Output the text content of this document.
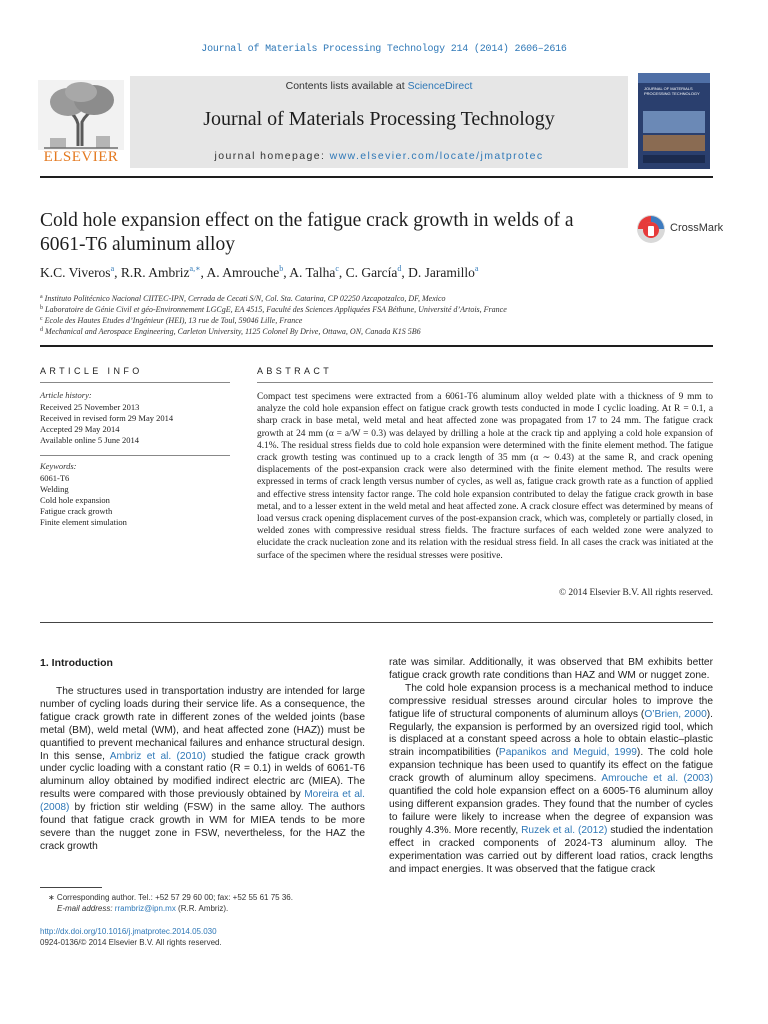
Journal of Materials Processing Technology 214 (2014) 2606–2616
ELSEVIER
Contents lists available at ScienceDirect
Journal of Materials Processing Technology
journal homepage: www.elsevier.com/locate/jmatprotec
JOURNAL OF MATERIALS PROCESSING TECHNOLOGY
Cold hole expansion effect on the fatigue crack growth in welds of a 6061-T6 aluminum alloy
CrossMark
K.C. Viveros$^a$, R.R. Ambriz$^{a,∗}$, A. Amrouche$^b$, A. Talha$^c$, C. García$^d$, D. Jaramillo$^a$
$^a$ Instituto Politécnico Nacional CIITEC-IPN, Cerrada de Cecati S/N, Col. Sta. Catarina, CP 02250 Azcapotzalco, DF, Mexico
$^b$ Laboratoire de Génie Civil et géo-Environnement LGCgE, EA 4515, Faculté des Sciences Appliquées FSA Béthune, Université d’Artois, France
$^c$ Ecole des Hautes Etudes d’Ingénieur (HEI), 13 rue de Toul, 59046 Lille, France
$^d$ Mechanical and Aerospace Engineering, Carleton University, 1125 Colonel By Drive, Ottawa, ON, Canada K1S 5B6
ARTICLE INFO
Article history:
Received 25 November 2013
Received in revised form 29 May 2014
Accepted 29 May 2014
Available online 5 June 2014
Keywords:
6061-T6
Welding
Cold hole expansion
Fatigue crack growth
Finite element simulation
ABSTRACT
Compact test specimens were extracted from a 6061-T6 aluminum alloy welded plate with a thickness of 9 mm to analyze the cold hole expansion effect on fatigue crack growth tests conducted in mode I cyclic loading. At R = 0.1, a sharp crack in base metal, weld metal and heat affected zone was propagated from 17 to 24 mm. The fatigue crack growth at 24 mm (α = a/W = 0.3) was delayed by drilling a hole at the crack tip and applying a cold hole expansion of 4.1%. The residual stress fields due to cold hole expansion were determined with the finite element method. The fatigue crack growth testing was continued up to a crack length of 35 mm (α ∼ 0.43) at the same R, and crack opening displacements of the post-expansion crack were also determined with the finite element method. The results were expressed in terms of crack length versus number of cycles, as well as, fatigue crack growth rate as a function of applied and effective stress intensity factor range. The cold hole expansion contributed to delay the fatigue crack growth in base metal, and to a lesser extent in the weld metal and heat affected zone. A crack closure effect was determined by means of load versus crack opening displacement curves of the post-expansion crack, which was, completely or partially closed, in welded zones with compressive residual stress fields. The fracture surfaces of each welded zone were analyzed to elucidate the crack nucleation zone and its relation with the residual stress field. In all cases the crack was initiated at the surface of the specimen where the residual stresses were positive.
© 2014 Elsevier B.V. All rights reserved.
1. Introduction
The structures used in transportation industry are intended for large number of cycling loads during their service life. As a consequence, the fatigue crack growth rate in different zones of the welded joints (base metal (BM), weld metal (WM), and heat affected zone (HAZ)) must be quantified to prevent mechanical failures and enhance structural design. In this sense, Ambriz et al. (2010) studied the fatigue crack growth under cyclic loading with a constant ratio (R = 0.1) in welds of 6061-T6 aluminum alloy obtained by modified indirect electric arc (MIEA). The results were compared with those previously obtained by Moreira et al. (2008) by friction stir welding (FSW) in the same alloy. The authors found that fatigue crack growth in WM for MIEA tends to be more severe than the nugget zone in FSW, nevertheless, for the HAZ the crack growth
rate was similar. Additionally, it was observed that BM exhibits better fatigue crack growth rate conditions than HAZ and WM or nugget zone.
The cold hole expansion process is a mechanical method to induce compressive residual stresses around circular holes to improve the fatigue life of structural components of aluminum alloys (O’Brien, 2000). Regularly, the expansion is performed by an oversized rigid tool, which is displaced at a constant speed across a hole to obtain elastic–plastic strain incompatibilities (Papanikos and Meguid, 1999). The cold hole expansion technique has been used to quantify its effect on the fatigue crack growth of aluminum alloy specimens. Amrouche et al. (2003) quantified the cold hole expansion effect on a 6005-T6 aluminum alloy using different expansion grades. They found that the number of cycles to failure were likely to increase when the degree of expansion was roughly 4.3%. More recently, Ruzek et al. (2012) studied the indentation effect in cracked components of 2024-T3 aluminum alloy. The experimentation was carried out by different load ratios, crack lengths and impact energies. It was observed that the fatigue crack
∗ Corresponding author. Tel.: +52 57 29 60 00; fax: +52 55 61 75 36.
E-mail address: rrambriz@ipn.mx (R.R. Ambriz).
http://dx.doi.org/10.1016/j.jmatprotec.2014.05.030
0924-0136/© 2014 Elsevier B.V. All rights reserved.
